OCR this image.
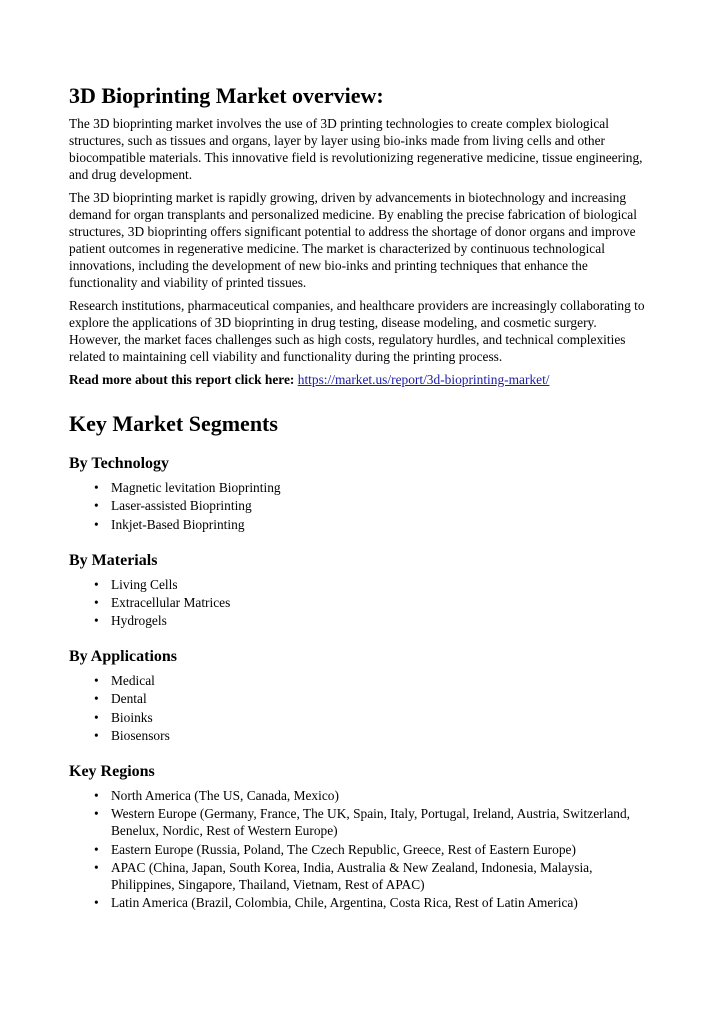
3D Bioprinting Market overview:

The 3D bioprinting market involves the use of 3D printing technologies to create complex biological structures, such as tissues and organs, layer by layer using bio-inks made from living cells and other biocompatible materials. This innovative field is revolutionizing regenerative medicine, tissue engineering, and drug development.

The 3D bioprinting market is rapidly growing, driven by advancements in biotechnology and increasing demand for organ transplants and personalized medicine. By enabling the precise fabrication of biological structures, 3D bioprinting offers significant potential to address the shortage of donor organs and improve patient outcomes in regenerative medicine. The market is characterized by continuous technological innovations, including the development of new bio-inks and printing techniques that enhance the functionality and viability of printed tissues.

Research institutions, pharmaceutical companies, and healthcare providers are increasingly collaborating to explore the applications of 3D bioprinting in drug testing, disease modeling, and cosmetic surgery. However, the market faces challenges such as high costs, regulatory hurdles, and technical complexities related to maintaining cell viability and functionality during the printing process.

Read more about this report click here: https://market.us/report/3d-bioprinting-market/

Key Market Segments
By Technology
• Magnetic levitation Bioprinting
• Laser-assisted Bioprinting
• Inkjet-Based Bioprinting
By Materials
• Living Cells
• Extracellular Matrices
• Hydrogels
By Applications
• Medical
• Dental
• Bioinks
• Biosensors
Key Regions
• North America (The US, Canada, Mexico)
• Western Europe (Germany, France, The UK, Spain, Italy, Portugal, Ireland, Austria, Switzerland, Benelux, Nordic, Rest of Western Europe)
• Eastern Europe (Russia, Poland, The Czech Republic, Greece, Rest of Eastern Europe)
• APAC (China, Japan, South Korea, India, Australia & New Zealand, Indonesia, Malaysia, Philippines, Singapore, Thailand, Vietnam, Rest of APAC)
• Latin America (Brazil, Colombia, Chile, Argentina, Costa Rica, Rest of Latin America)
